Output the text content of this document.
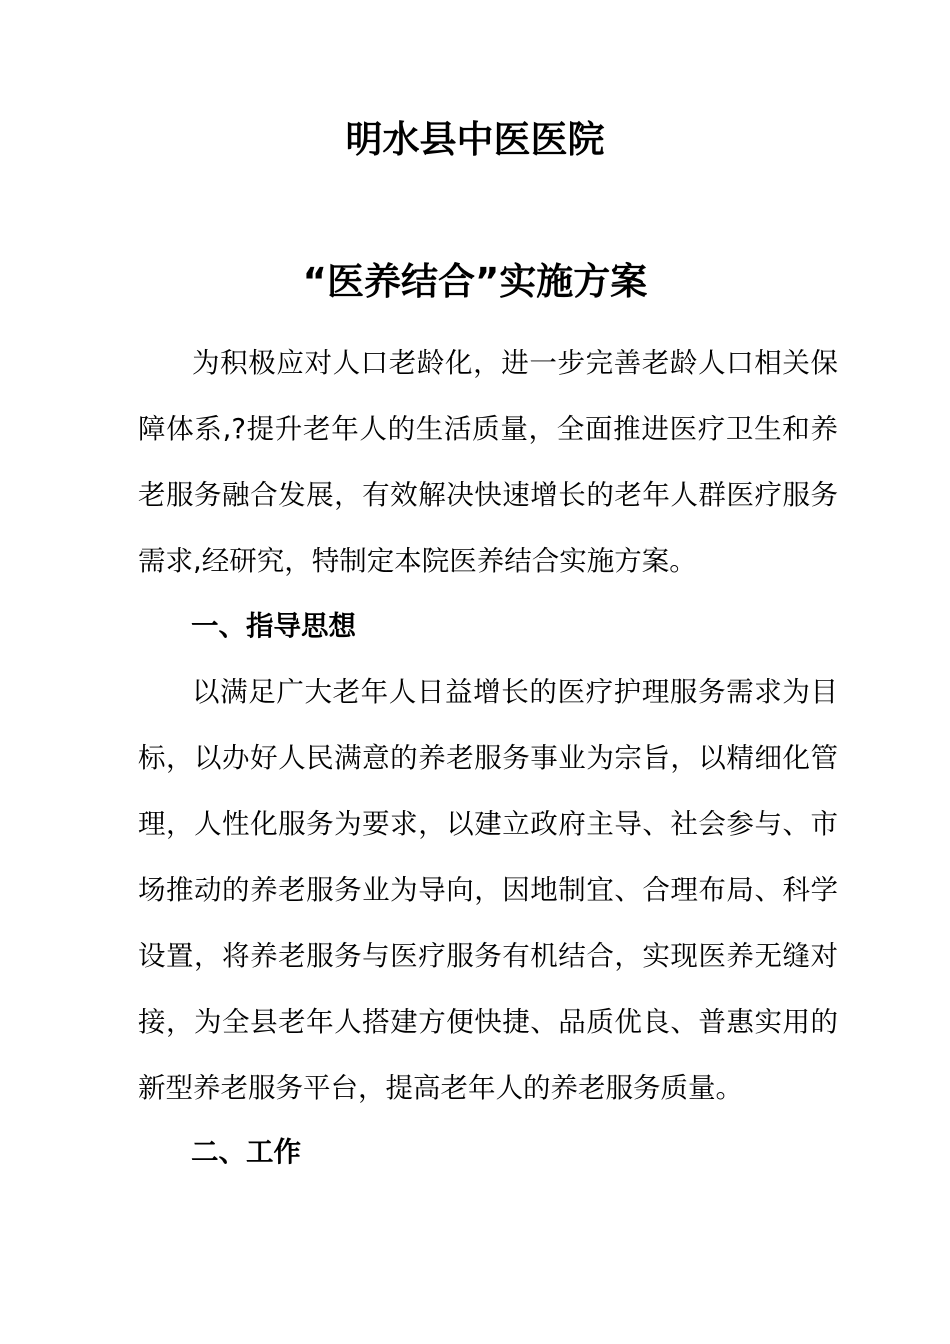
明水县中医医院
“医养结合”实施方案

为积极应对人口老龄化，进一步完善老龄人口相关保障体系,?提升老年人的生活质量，全面推进医疗卫生和养老服务融合发展，有效解决快速增长的老年人群医疗服务需求,经研究，特制定本院医养结合实施方案。

一、指导思想

以满足广大老年人日益增长的医疗护理服务需求为目标，以办好人民满意的养老服务事业为宗旨，以精细化管理，人性化服务为要求，以建立政府主导、社会参与、市场推动的养老服务业为导向，因地制宜、合理布局、科学设置，将养老服务与医疗服务有机结合，实现医养无缝对接，为全县老年人搭建方便快捷、品质优良、普惠实用的新型养老服务平台，提高老年人的养老服务质量。

二、工作
